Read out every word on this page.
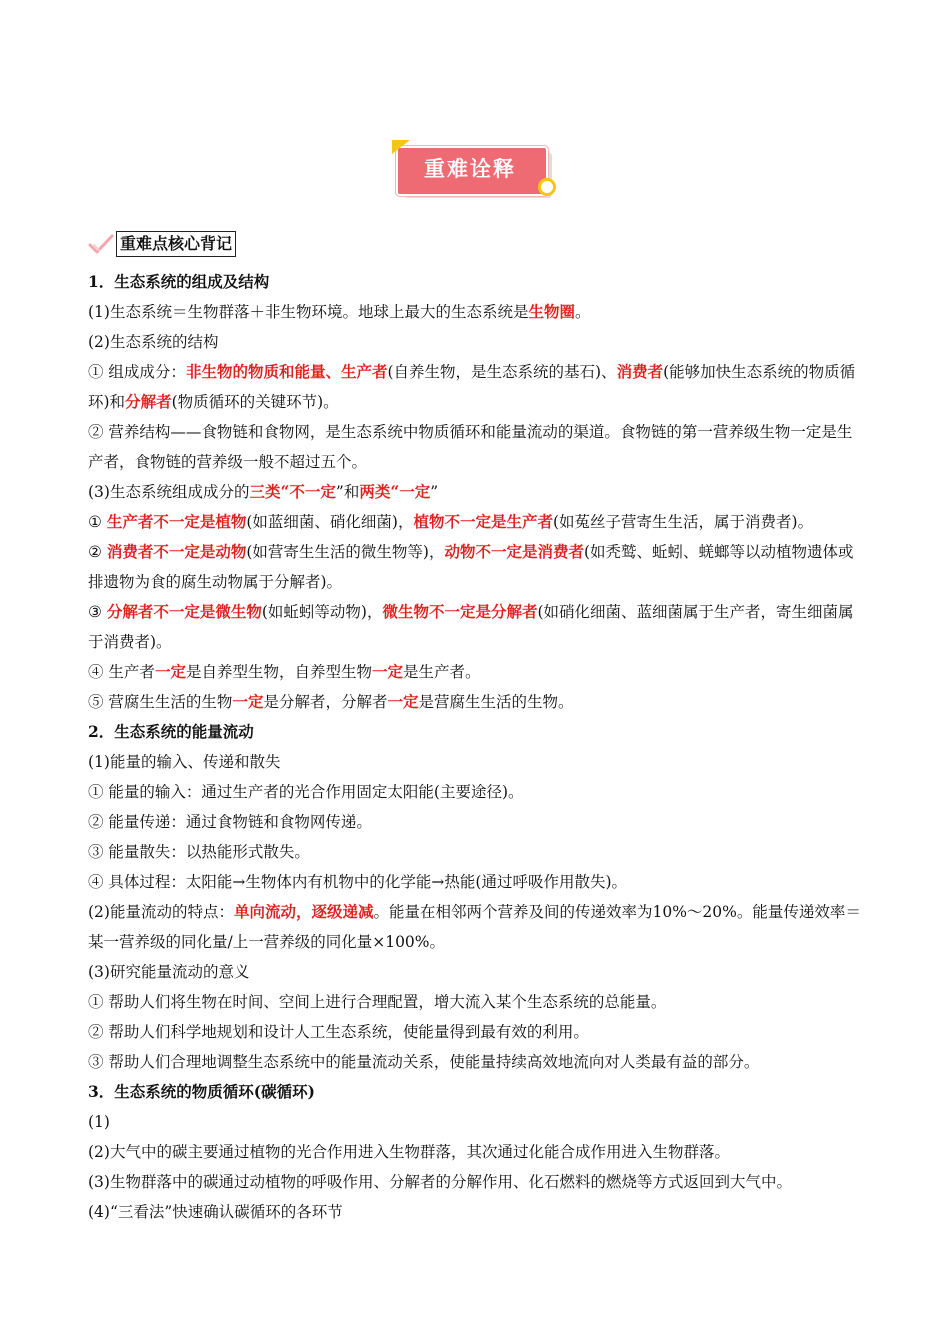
重难诠释
重难点核心背记

1．生态系统的组成及结构

(1)生态系统＝生物群落＋非生物环境。地球上最大的生态系统是生物圈。

(2)生态系统的结构

① 组成成分：非生物的物质和能量、生产者(自养生物，是生态系统的基石)、消费者(能够加快生态系统的物质循环)和分解者(物质循环的关键环节)。

② 营养结构——食物链和食物网，是生态系统中物质循环和能量流动的渠道。食物链的第一营养级生物一定是生产者，食物链的营养级一般不超过五个。

(3)生态系统组成成分的三类“不一定”和两类“一定”

① 生产者不一定是植物(如蓝细菌、硝化细菌)，植物不一定是生产者(如菟丝子营寄生生活，属于消费者)。

② 消费者不一定是动物(如营寄生生活的微生物等)，动物不一定是消费者(如秃鹫、蚯蚓、蜣螂等以动植物遗体或排遗物为食的腐生动物属于分解者)。

③ 分解者不一定是微生物(如蚯蚓等动物)，微生物不一定是分解者(如硝化细菌、蓝细菌属于生产者，寄生细菌属于消费者)。

④ 生产者一定是自养型生物，自养型生物一定是生产者。

⑤ 营腐生生活的生物一定是分解者，分解者一定是营腐生生活的生物。

2．生态系统的能量流动

(1)能量的输入、传递和散失

① 能量的输入：通过生产者的光合作用固定太阳能(主要途径)。

② 能量传递：通过食物链和食物网传递。

③ 能量散失：以热能形式散失。

④ 具体过程：太阳能→生物体内有机物中的化学能→热能(通过呼吸作用散失)。

(2)能量流动的特点：单向流动，逐级递减。能量在相邻两个营养及间的传递效率为10%～20%。能量传递效率＝某一营养级的同化量/上一营养级的同化量×100%。

(3)研究能量流动的意义

① 帮助人们将生物在时间、空间上进行合理配置，增大流入某个生态系统的总能量。

② 帮助人们科学地规划和设计人工生态系统，使能量得到最有效的利用。

③ 帮助人们合理地调整生态系统中的能量流动关系，使能量持续高效地流向对人类最有益的部分。

3．生态系统的物质循环(碳循环)

(1)

(2)大气中的碳主要通过植物的光合作用进入生物群落，其次通过化能合成作用进入生物群落。

(3)生物群落中的碳通过动植物的呼吸作用、分解者的分解作用、化石燃料的燃烧等方式返回到大气中。

(4)“三看法”快速确认碳循环的各环节
